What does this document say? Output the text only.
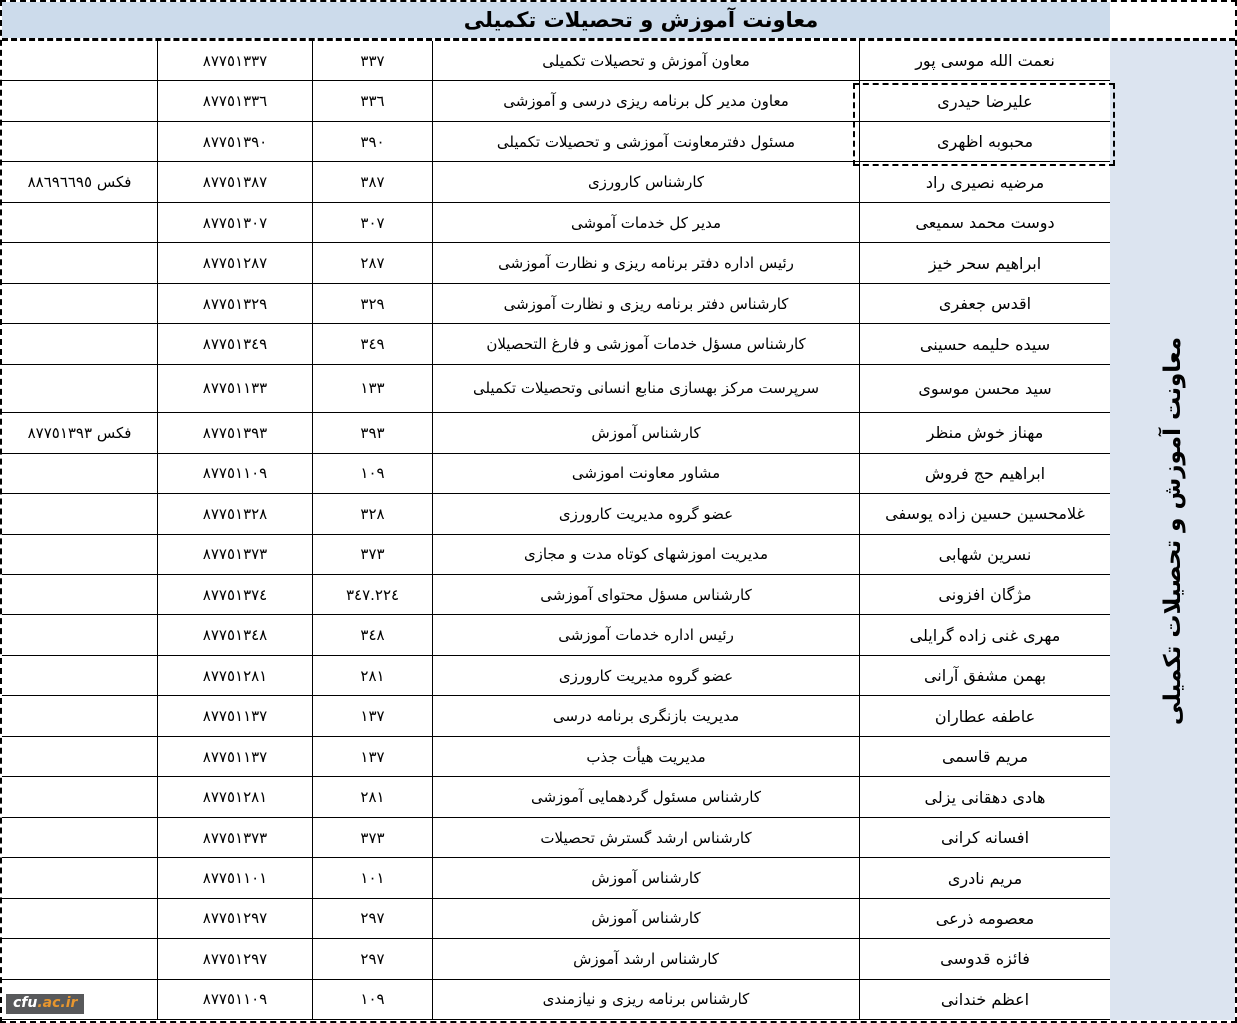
معاونت آموزش و تحصیلات تکمیلی
معاونت آموزش و تحصیلات تکمیلی
نعمت الله موسی پور
معاون آموزش و تحصیلات تکمیلی
٣٣٧
٨٧٧٥١٣٣٧
علیرضا حیدری
معاون مدیر کل برنامه ریزی درسی و آموزشی
٣٣٦
٨٧٧٥١٣٣٦
محبوبه اظهری
مسئول دفترمعاونت آموزشی و تحصیلات تکمیلی
٣٩٠
٨٧٧٥١٣٩٠
مرضیه نصیری راد
کارشناس کارورزی
٣٨٧
٨٧٧٥١٣٨٧
فکس ٨٨٦٩٦٦٩٥
دوست محمد سمیعی
مدیر کل خدمات آموشی
٣٠٧
٨٧٧٥١٣٠٧
ابراهیم سحر خیز
رئیس اداره دفتر برنامه ریزی و نظارت آموزشی
٢٨٧
٨٧٧٥١٢٨٧
اقدس جعفری
کارشناس دفتر برنامه ریزی و نظارت آموزشی
٣٢٩
٨٧٧٥١٣٢٩
سیده حلیمه حسینی
کارشناس مسؤل خدمات آموزشی و فارغ التحصیلان
٣٤٩
٨٧٧٥١٣٤٩
سید محسن موسوی
سرپرست مرکز بهسازی منابع انسانی وتحصیلات تکمیلی
١٣٣
٨٧٧٥١١٣٣
مهناز خوش منظر
کارشناس آموزش
٣٩٣
٨٧٧٥١٣٩٣
فکس ٨٧٧٥١٣٩٣
ابراهیم حج فروش
مشاور معاونت اموزشی
١٠٩
٨٧٧٥١١٠٩
غلامحسین حسین زاده یوسفی
عضو گروه مدیریت کارورزی
٣٢٨
٨٧٧٥١٣٢٨
نسرین شهابی
مدیریت اموزشهای کوتاه مدت و مجازی
٣٧٣
٨٧٧٥١٣٧٣
مژگان افزونی
کارشناس مسؤل محتوای آموزشی
٣٤٧.٢٢٤
٨٧٧٥١٣٧٤
مهری غنی زاده گرایلی
رئیس اداره خدمات آموزشی
٣٤٨
٨٧٧٥١٣٤٨
بهمن مشفق آرانی
عضو گروه مدیریت کارورزی
٢٨١
٨٧٧٥١٢٨١
عاطفه عطاران
مدیریت بازنگری برنامه درسی
١٣٧
٨٧٧٥١١٣٧
مریم قاسمی
مدیریت هیأت جذب
١٣٧
٨٧٧٥١١٣٧
هادی دهقانی یزلی
کارشناس مسئول گردهمایی آموزشی
٢٨١
٨٧٧٥١٢٨١
افسانه کرانی
کارشناس ارشد گسترش تحصیلات
٣٧٣
٨٧٧٥١٣٧٣
مریم نادری
کارشناس آموزش
١٠١
٨٧٧٥١١٠١
معصومه ذرعی
کارشناس آموزش
٢٩٧
٨٧٧٥١٢٩٧
فائزه قدوسی
کارشناس ارشد آموزش
٢٩٧
٨٧٧٥١٢٩٧
اعظم خندانی
کارشناس برنامه ریزی و نیازمندی
١٠٩
٨٧٧٥١١٠٩
cfu.ac.ir
